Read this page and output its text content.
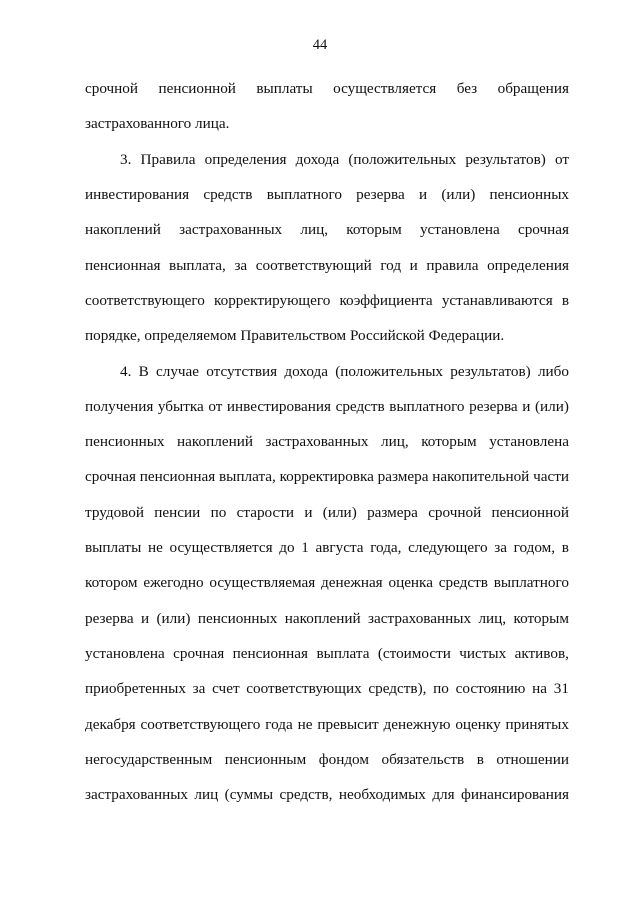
44
срочной пенсионной выплаты осуществляется без обращения
застрахованного лица.
3. Правила определения дохода (положительных результатов) от
инвестирования средств выплатного резерва и (или) пенсионных
накоплений застрахованных лиц, которым установлена срочная
пенсионная выплата, за соответствующий год и правила определения
соответствующего корректирующего коэффициента устанавливаются в
порядке, определяемом Правительством Российской Федерации.
4. В случае отсутствия дохода (положительных результатов) либо
получения убытка от инвестирования средств выплатного резерва и (или)
пенсионных накоплений застрахованных лиц, которым установлена
срочная пенсионная выплата, корректировка размера накопительной части
трудовой пенсии по старости и (или) размера срочной пенсионной
выплаты не осуществляется до 1 августа года, следующего за годом, в
котором ежегодно осуществляемая денежная оценка средств выплатного
резерва и (или) пенсионных накоплений застрахованных лиц, которым
установлена срочная пенсионная выплата (стоимости чистых активов,
приобретенных за счет соответствующих средств), по состоянию на 31
декабря соответствующего года не превысит денежную оценку принятых
негосударственным пенсионным фондом обязательств в отношении
застрахованных лиц (суммы средств, необходимых для финансирования
